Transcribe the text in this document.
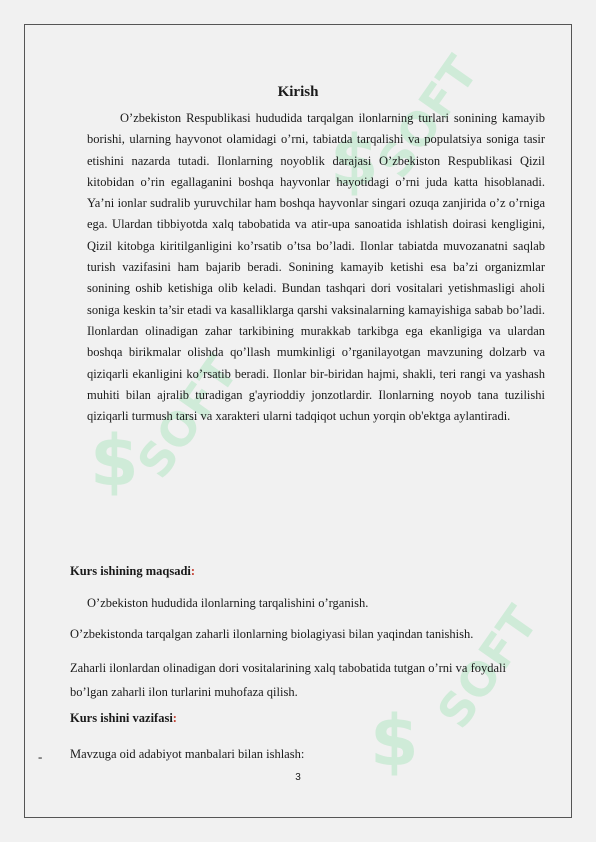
$
SOFT
$
SOFT
$
SOFT
Kirish

O’zbekiston Respublikasi hududida tarqalgan ilonlarning turlari sonining kamayib borishi, ularning hayvonot olamidagi o’rni, tabiatda tarqalishi va populatsiya soniga tasir etishini nazarda tutadi. Ilonlarning noyoblik darajasi O’zbekiston Respublikasi Qizil kitobidan o’rin egallaganini boshqa hayvonlar hayotidagi o’rni juda katta hisoblanadi. Ya’ni ionlar sudralib yuruvchilar ham boshqa hayvonlar singari ozuqa zanjirida o’z o’rniga ega. Ulardan tibbiyotda xalq tabobatida va atir-upa sanoatida ishlatish doirasi kengligini, Qizil kitobga kiritilganligini ko’rsatib o’tsa bo’ladi. Ilonlar tabiatda muvozanatni saqlab turish vazifasini ham bajarib beradi. Sonining kamayib ketishi esa ba’zi organizmlar sonining oshib ketishiga olib keladi. Bundan tashqari dori vositalari yetishmasligi aholi soniga keskin ta’sir etadi va kasalliklarga qarshi vaksinalarning kamayishiga sabab bo’ladi. Ilonlardan olinadigan zahar tarkibining murakkab tarkibga ega ekanligiga va ulardan boshqa birikmalar olishda qo’llash mumkinligi o’rganilayotgan mavzuning dolzarb va qiziqarli ekanligini ko’rsatib beradi. Ilonlar bir-biridan hajmi, shakli, teri rangi va yashash muhiti bilan ajralib turadigan g'ayrioddiy jonzotlardir. Ilonlarning noyob tana tuzilishi qiziqarli turmush tarsi va xarakteri ularni tadqiqot uchun yorqin ob'ektga aylantiradi.

Kurs ishining maqsadi:
O’zbekiston hududida ilonlarning tarqalishini o’rganish.
O’zbekistonda tarqalgan zaharli ilonlarning biolagiyasi bilan yaqindan tanishish.

Zaharli ilonlardan olinadigan dori vositalarining xalq tabobatida tutgan o’rni va foydali bo’lgan zaharli ilon turlarini muhofaza qilish.

Kurs ishini vazifasi:
- Mavzuga oid adabiyot manbalari bilan ishlash:
3
